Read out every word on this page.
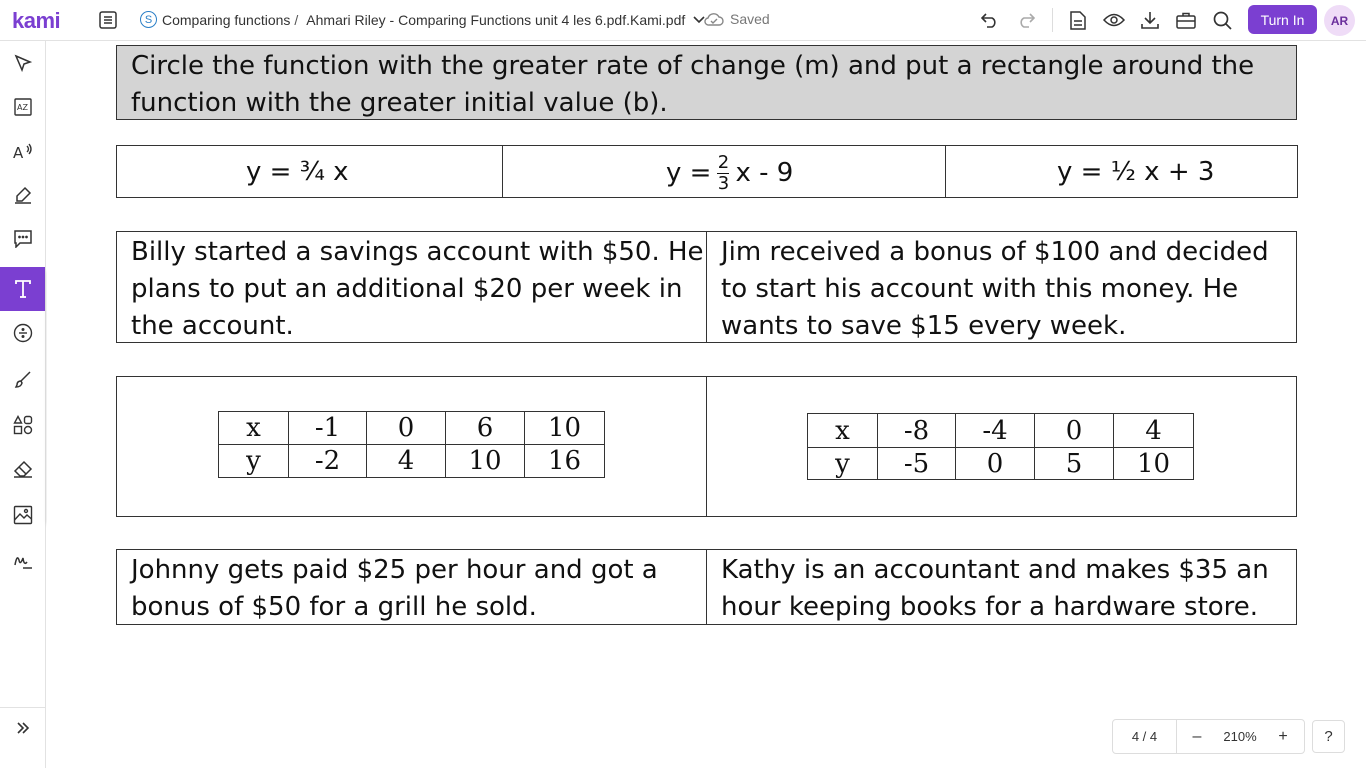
kami	S Comparing functions / Ahmari Riley - Comparing Functions unit 4 les 6.pdf.Kami.pdf	Saved	Turn In	AR
AZ
A
Circle the function with the greater rate of change (m) and put a rectangle around the function with the greater initial value (b).
y = ¾ x	$y = \frac{2}{3}$ x - 9	y = ½ x + 3
Billy started a savings account with $50. He plans to put an additional $20 per week in the account.
Jim received a bonus of $100 and decided to start his account with this money. He wants to save $15 every week.
x	-1	0	6	10
y	-2	4	10	16
x	-8	-4	0	4
y	-5	0	5	10
Johnny gets paid $25 per hour and got a bonus of $50 for a grill he sold.
Kathy is an accountant and makes $35 an hour keeping books for a hardware store.
4 / 4	–	210%	+	?
